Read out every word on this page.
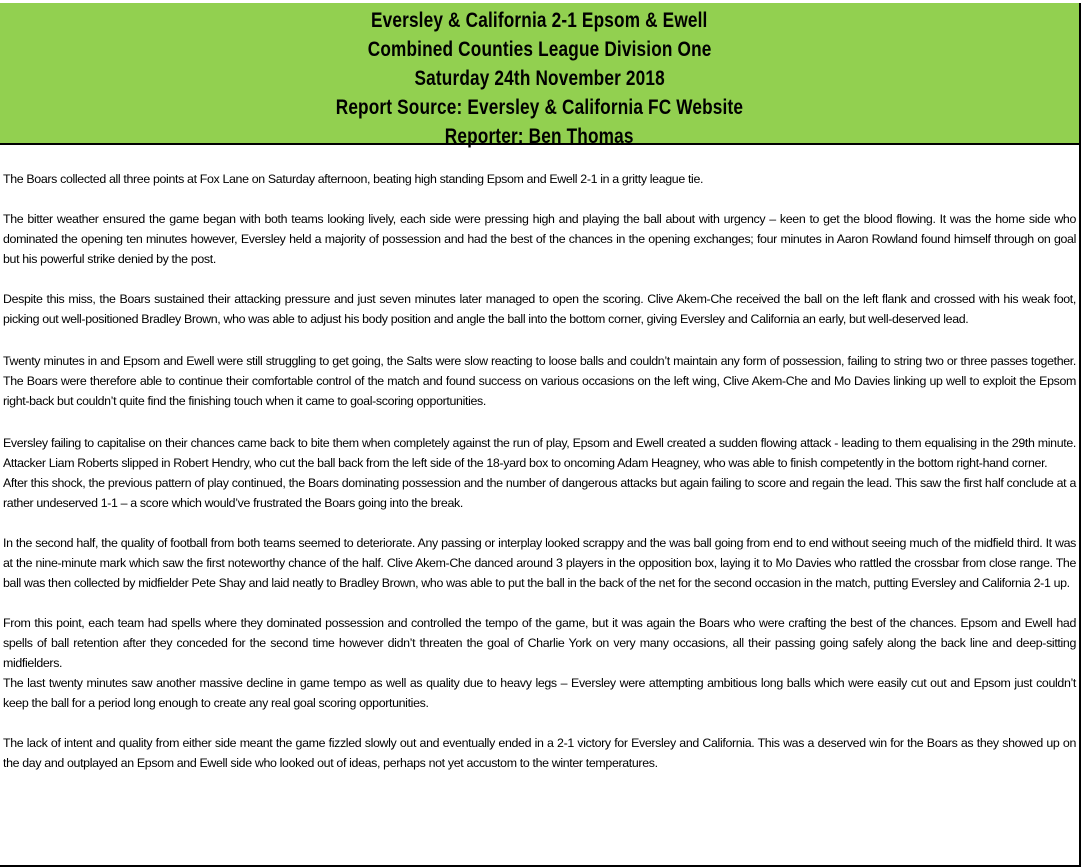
Eversley & California 2-1 Epsom & Ewell
Combined Counties League Division One
Saturday 24th November 2018
Report Source: Eversley & California FC Website
Reporter: Ben Thomas

The Boars collected all three points at Fox Lane on Saturday afternoon, beating high standing Epsom and Ewell 2-1 in a gritty league tie.

The bitter weather ensured the game began with both teams looking lively, each side were pressing high and playing the ball about with urgency – keen to get the blood flowing. It was the home side who dominated the opening ten minutes however, Eversley held a majority of possession and had the best of the chances in the opening exchanges; four minutes in Aaron Rowland found himself through on goal but his powerful strike denied by the post.

Despite this miss, the Boars sustained their attacking pressure and just seven minutes later managed to open the scoring. Clive Akem-Che received the ball on the left flank and crossed with his weak foot, picking out well-positioned Bradley Brown, who was able to adjust his body position and angle the ball into the bottom corner, giving Eversley and California an early, but well-deserved lead.

Twenty minutes in and Epsom and Ewell were still struggling to get going, the Salts were slow reacting to loose balls and couldn’t maintain any form of possession, failing to string two or three passes together. The Boars were therefore able to continue their comfortable control of the match and found success on various occasions on the left wing, Clive Akem-Che and Mo Davies linking up well to exploit the Epsom right-back but couldn’t quite find the finishing touch when it came to goal-scoring opportunities.

Eversley failing to capitalise on their chances came back to bite them when completely against the run of play, Epsom and Ewell created a sudden flowing attack - leading to them equalising in the 29th minute. Attacker Liam Roberts slipped in Robert Hendry, who cut the ball back from the left side of the 18-yard box to oncoming Adam Heagney, who was able to finish competently in the bottom right-hand corner.

After this shock, the previous pattern of play continued, the Boars dominating possession and the number of dangerous attacks but again failing to score and regain the lead. This saw the first half conclude at a rather undeserved 1-1 – a score which would’ve frustrated the Boars going into the break.

In the second half, the quality of football from both teams seemed to deteriorate. Any passing or interplay looked scrappy and the was ball going from end to end without seeing much of the midfield third. It was at the nine-minute mark which saw the first noteworthy chance of the half. Clive Akem-Che danced around 3 players in the opposition box, laying it to Mo Davies who rattled the crossbar from close range. The ball was then collected by midfielder Pete Shay and laid neatly to Bradley Brown, who was able to put the ball in the back of the net for the second occasion in the match, putting Eversley and California 2-1 up.

From this point, each team had spells where they dominated possession and controlled the tempo of the game, but it was again the Boars who were crafting the best of the chances. Epsom and Ewell had spells of ball retention after they conceded for the second time however didn’t threaten the goal of Charlie York on very many occasions, all their passing going safely along the back line and deep-sitting midfielders.

The last twenty minutes saw another massive decline in game tempo as well as quality due to heavy legs – Eversley were attempting ambitious long balls which were easily cut out and Epsom just couldn’t keep the ball for a period long enough to create any real goal scoring opportunities.

The lack of intent and quality from either side meant the game fizzled slowly out and eventually ended in a 2-1 victory for Eversley and California. This was a deserved win for the Boars as they showed up on the day and outplayed an Epsom and Ewell side who looked out of ideas, perhaps not yet accustom to the winter temperatures.
